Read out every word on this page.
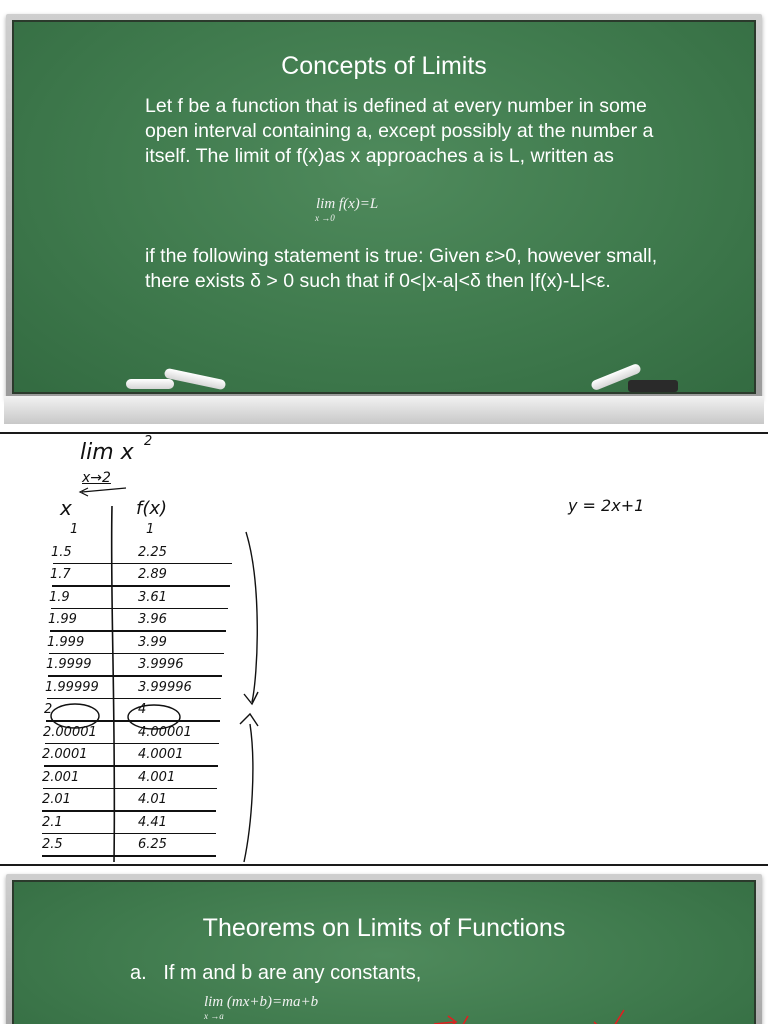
Concepts of Limits
Let f be a function that is defined at every number in some open interval containing a, except possibly at the number a itself. The limit of f(x)as x approaches a is L, written as
lim f(x)=L
x →0
if the following statement is true: Given ε>0, however small, there exists δ > 0 such that if 0<|x-a|<δ then |f(x)-L|<ε.
lim x 2
x→2
y = 2x+1
x	f(x)
1	1
1.5	2.25
1.7	2.89
1.9	3.61
1.99	3.96
1.999	3.99
1.9999	3.9996
1.99999	3.99996
2	4
2.00001	4.00001
2.0001	4.0001
2.001	4.001
2.01	4.01
2.1	4.41
2.5	6.25
Theorems on Limits of Functions
a.   If m and b are any constants,
lim (mx+b)=ma+b
x →a
